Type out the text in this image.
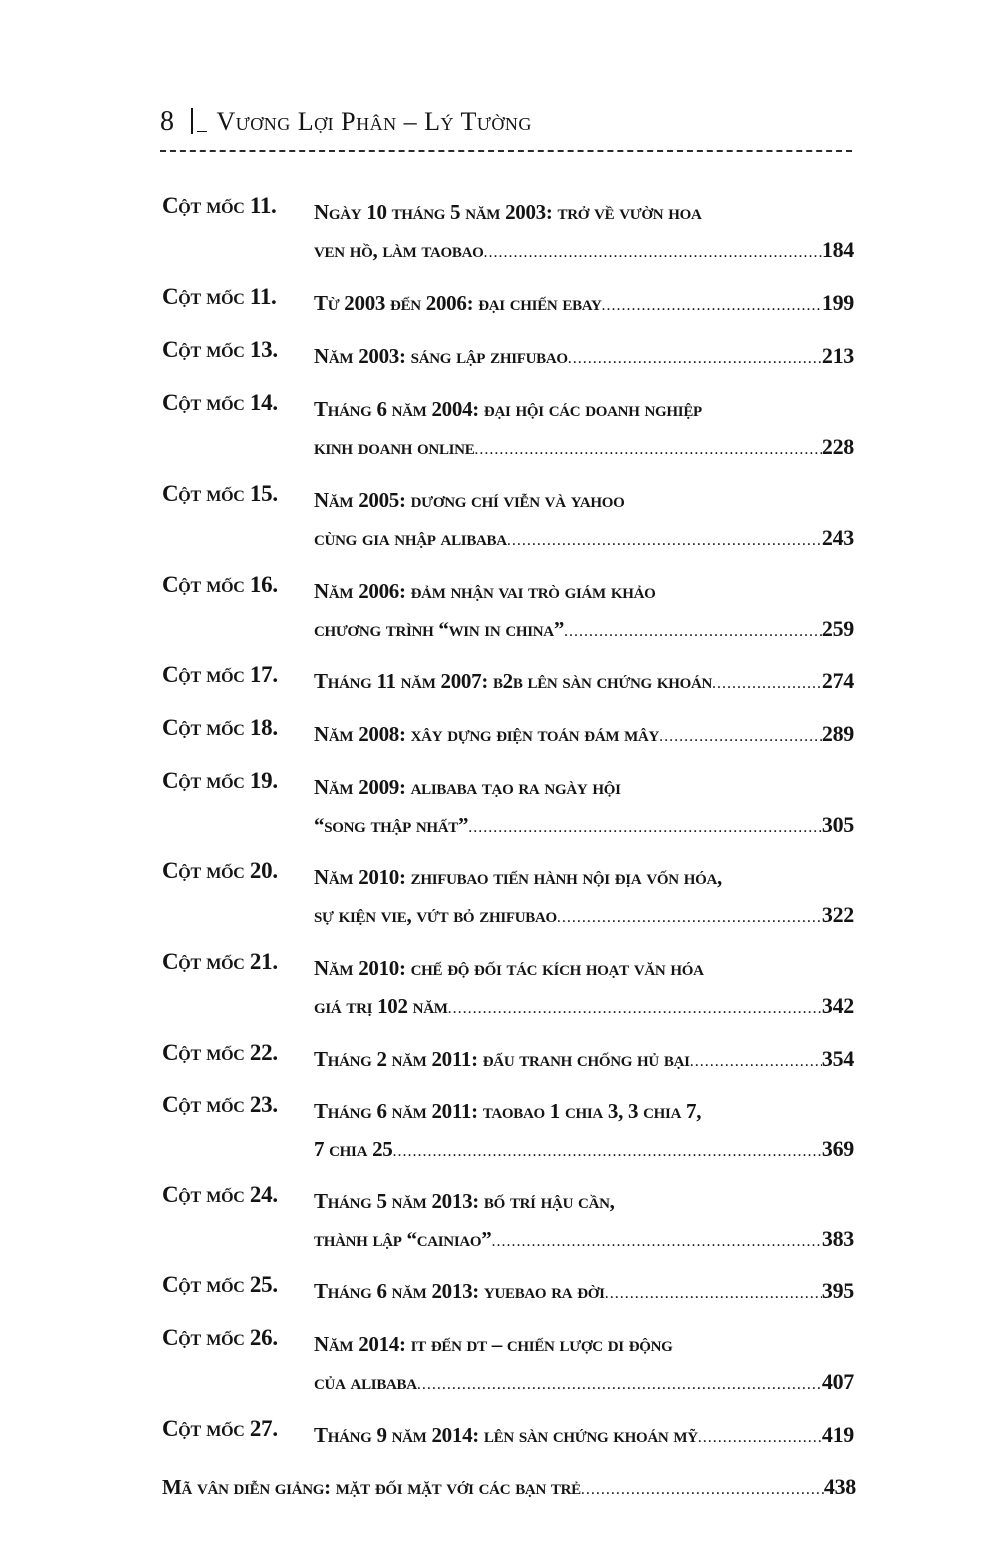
8 Vương Lợi Phân – Lý Tường
Cột mốc 11. Ngày 10 tháng 5 năm 2003: trở về vườn hoa
ven hồ, làm taobao .....	184
Cột mốc 11. Từ 2003 đến 2006: đại chiến ebay .....	199
Cột mốc 13. Năm 2003: sáng lập zhifubao .....	213
Cột mốc 14. Tháng 6 năm 2004: đại hội các doanh nghiệp
kinh doanh online .....	228
Cột mốc 15. Năm 2005: dương chí viễn và yahoo
cùng gia nhập alibaba .....	243
Cột mốc 16. Năm 2006: đảm nhận vai trò giám khảo
chương trình “win in china” .....	259
Cột mốc 17. Tháng 11 năm 2007: b2b lên sàn chứng khoán .....	274
Cột mốc 18. Năm 2008: xây dựng điện toán đám mây .....	289
Cột mốc 19. Năm 2009: alibaba tạo ra ngày hội
“song thập nhất” .....	305
Cột mốc 20. Năm 2010: zhifubao tiến hành nội địa vốn hóa,
sự kiện vie, vứt bỏ zhifubao .....	322
Cột mốc 21. Năm 2010: chế độ đối tác kích hoạt văn hóa
giá trị 102 năm .....	342
Cột mốc 22. Tháng 2 năm 2011: đấu tranh chống hủ bại .....	354
Cột mốc 23. Tháng 6 năm 2011: taobao 1 chia 3, 3 chia 7,
7 chia 25 .....	369
Cột mốc 24. Tháng 5 năm 2013: bố trí hậu cần,
thành lập “cainiao” .....	383
Cột mốc 25. Tháng 6 năm 2013: yuebao ra đời .....	395
Cột mốc 26. Năm 2014: it đến dt – chiến lược di động
của alibaba .....	407
Cột mốc 27. Tháng 9 năm 2014: lên sàn chứng khoán mỹ .....	419
Mã vân diễn giảng: mặt đối mặt với các bạn trẻ .....	438
